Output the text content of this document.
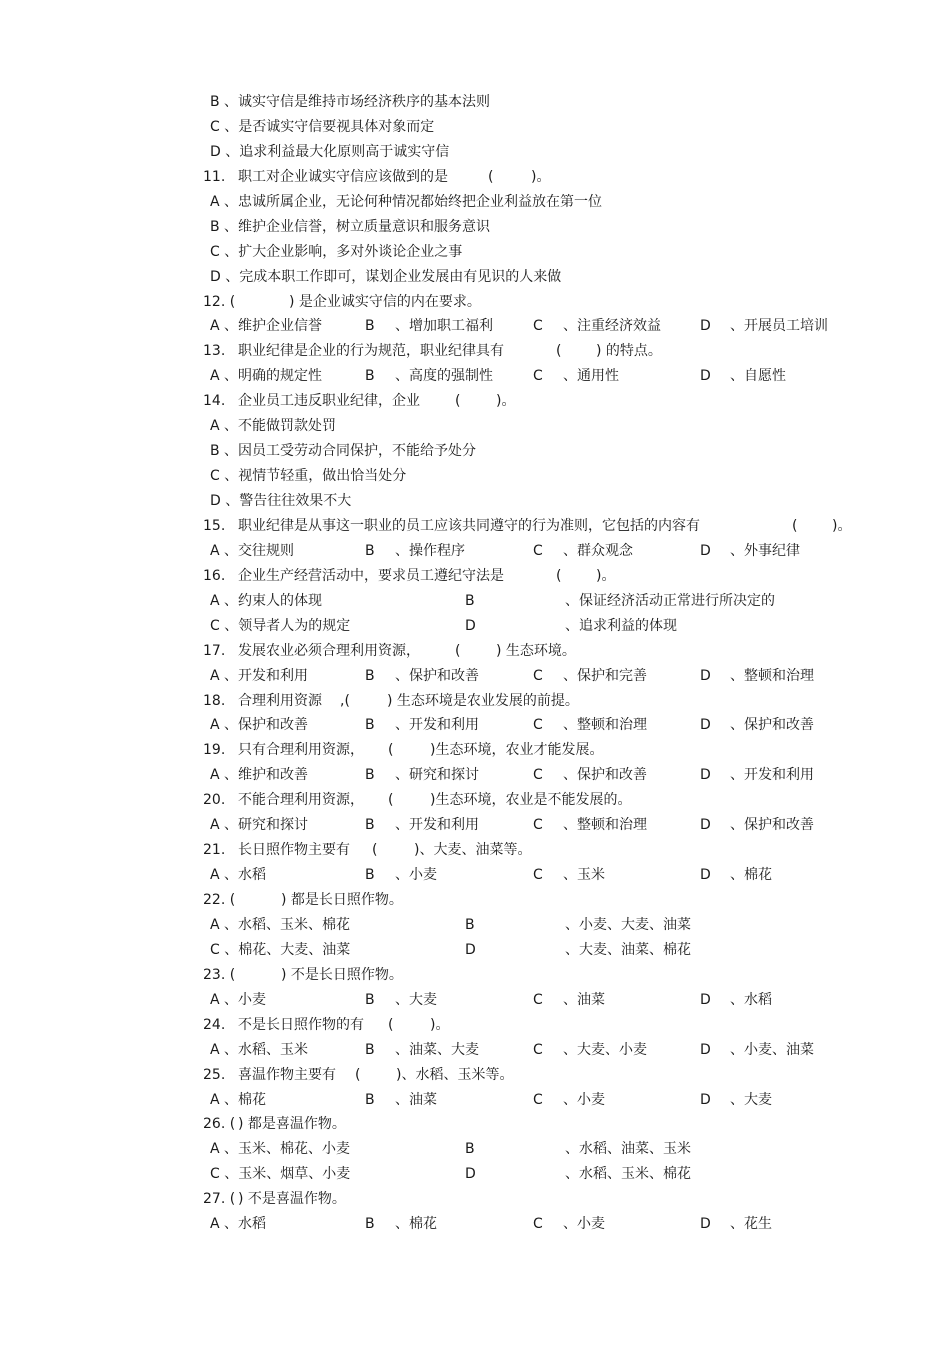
B 、诚实守信是维持市场经济秩序的基本法则
C 、是否诚实守信要视具体对象而定
D 、追求利益最大化原则高于诚实守信
11. 职工对企业诚实守信应该做到的是	(	)。
A 、忠诚所属企业，无论何种情况都始终把企业利益放在第一位
B 、维护企业信誉，树立质量意识和服务意识
C 、扩大企业影响，多对外谈论企业之事
D 、完成本职工作即可，谋划企业发展由有见识的人来做
12. (	) 是企业诚实守信的内在要求。
A 、维护企业信誉	B 、增加职工福利	C 、注重经济效益	D 、开展员工培训
13. 职业纪律是企业的行为规范，职业纪律具有	( ) 的特点。
A 、明确的规定性	B 、高度的强制性	C 、通用性	D 、自愿性
14. 企业员工违反职业纪律，企业	(	)。
A 、不能做罚款处罚
B 、因员工受劳动合同保护，不能给予处分
C 、视情节轻重，做出恰当处分
D 、警告往往效果不大
15. 职业纪律是从事这一职业的员工应该共同遵守的行为准则，它包括的内容有	( )。
A 、交往规则	B 、操作程序	C 、群众观念	D 、外事纪律
16. 企业生产经营活动中，要求员工遵纪守法是	( )。
A 、约束人的体现	B	、保证经济活动正常进行所决定的
C 、领导者人为的规定	D	、追求利益的体现
17. 发展农业必须合理利用资源，	(	) 生态环境。
A 、开发和利用	B 、保护和改善	C 、保护和完善	D 、整顿和治理
18. 合理利用资源 ,(	) 生态环境是农业发展的前提。
A 、保护和改善	B 、开发和利用	C 、整顿和治理	D 、保护和改善
19. 只有合理利用资源， (	)生态环境，农业才能发展。
A 、维护和改善	B 、研究和探讨	C 、保护和改善	D 、开发和利用
20. 不能合理利用资源， (	)生态环境，农业是不能发展的。
A 、研究和探讨	B 、开发和利用	C 、整顿和治理	D 、保护和改善
21. 长日照作物主要有 (	)、大麦、油菜等。
A 、水稻	B 、小麦	C 、玉米	D 、棉花
22. (	) 都是长日照作物。
A 、水稻、玉米、棉花	B	、小麦、大麦、油菜
C 、棉花、大麦、油菜	D	、大麦、油菜、棉花
23. (	) 不是长日照作物。
A 、小麦	B 、大麦	C 、油菜	D 、水稻
24. 不是长日照作物的有 (	)。
A 、水稻、玉米	B 、油菜、大麦	C 、大麦、小麦	D 、小麦、油菜
25. 喜温作物主要有 (	)、水稻、玉米等。
A 、棉花	B 、油菜	C 、小麦	D 、大麦
26. ( ) 都是喜温作物。
A 、玉米、棉花、小麦	B	、水稻、油菜、玉米
C 、玉米、烟草、小麦	D	、水稻、玉米、棉花
27. ( ) 不是喜温作物。
A 、水稻	B 、棉花	C 、小麦	D 、花生
